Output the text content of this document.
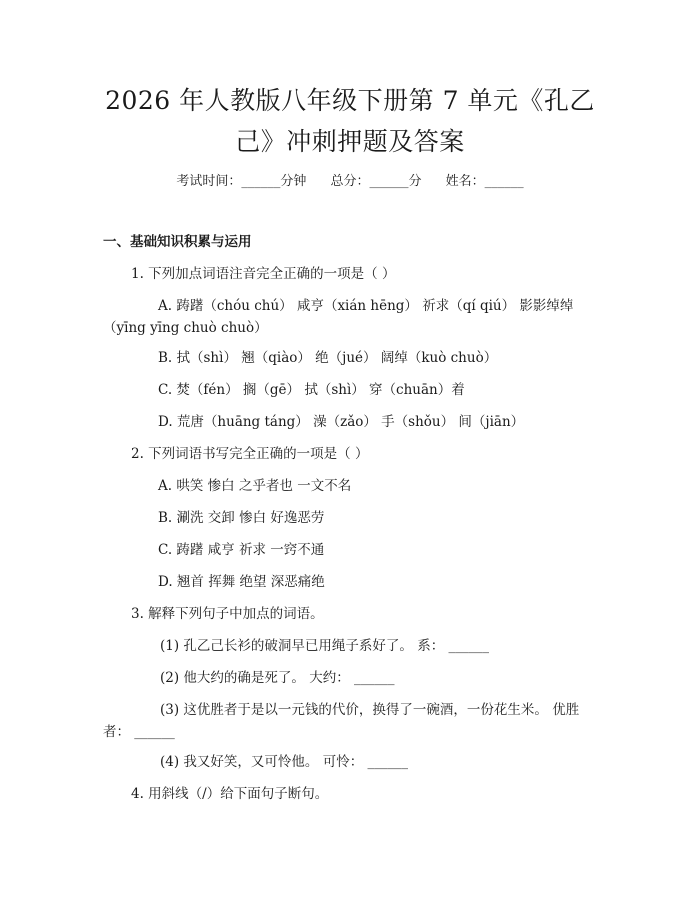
2026 年人教版八年级下册第 7 单元《孔乙
己》冲刺押题及答案
考试时间：______分钟 总分：______分 姓名：______
一、基础知识积累与运用
1. 下列加点词语注音完全正确的一项是（ ）
A. 踌躇（chóu chú） 咸亨（xián hēng） 祈求（qí qiú） 影影绰绰
（yīng yīng chuò chuò）
B. 拭（shì） 翘（qiào） 绝（jué） 阔绰（kuò chuò）
C. 焚（fén） 搁（gē） 拭（shì） 穿（chuān）着
D. 荒唐（huāng táng） 澡（zǎo） 手（shǒu） 间（jiān）
2. 下列词语书写完全正确的一项是（ ）
A. 哄笑 惨白 之乎者也 一文不名
B. 涮洗 交卸 惨白 好逸恶劳
C. 踌躇 咸亨 祈求 一窍不通
D. 翘首 挥舞 绝望 深恶痛绝
3. 解释下列句子中加点的词语。
(1) 孔乙己长衫的破洞早已用绳子系好了。 系： ______
(2) 他大约的确是死了。 大约： ______
(3) 这优胜者于是以一元钱的代价，换得了一碗酒，一份花生米。 优胜
者： ______
(4) 我又好笑，又可怜他。 可怜： ______
4. 用斜线（/）给下面句子断句。
